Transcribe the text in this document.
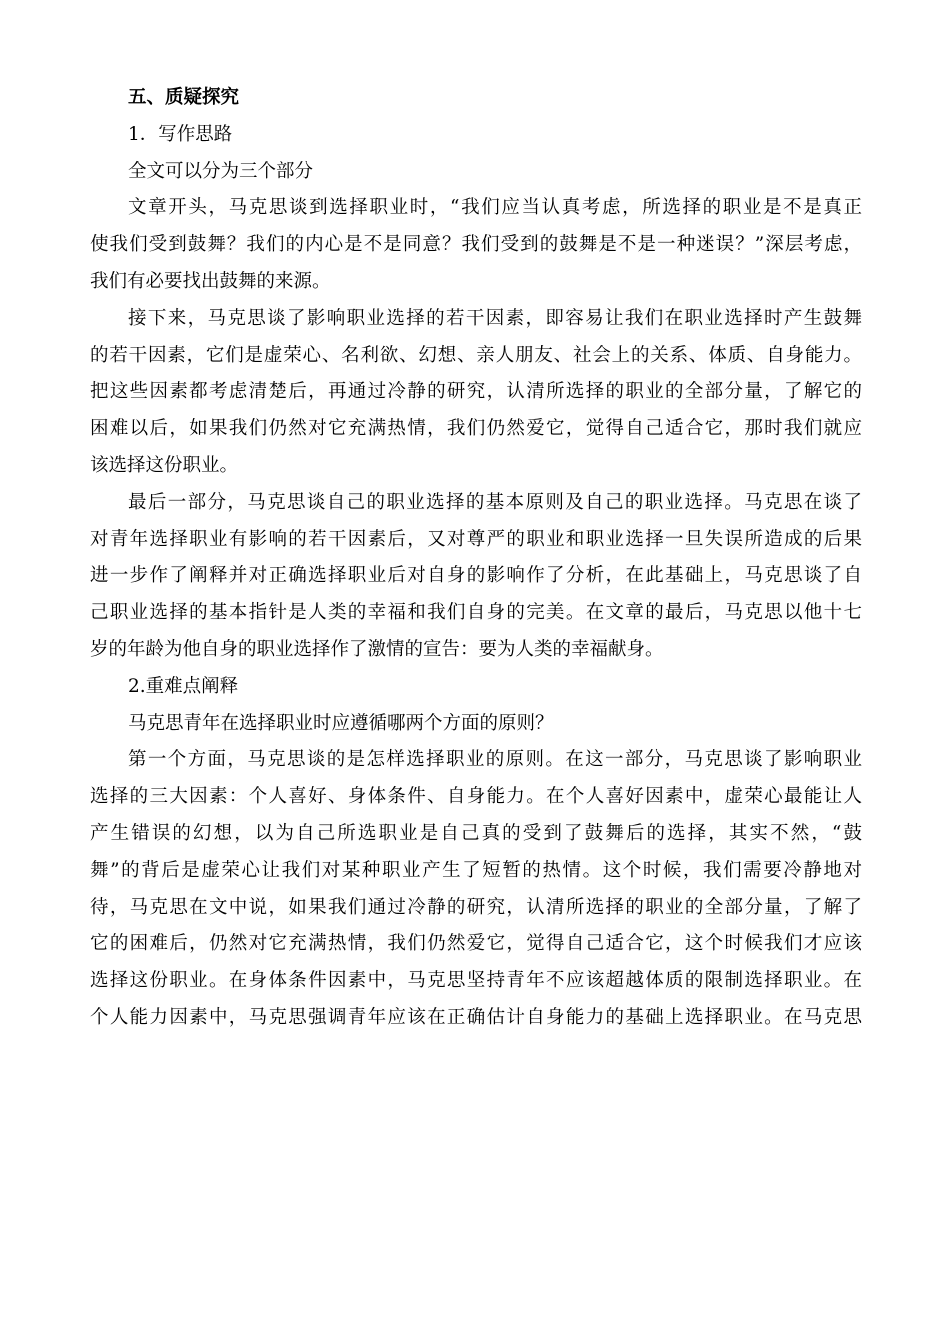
五、质疑探究
1．写作思路
全文可以分为三个部分
文章开头，马克思谈到选择职业时，“我们应当认真考虑，所选择的职业是不是真正
使我们受到鼓舞？我们的内心是不是同意？我们受到的鼓舞是不是一种迷误？”深层考虑，
我们有必要找出鼓舞的来源。
接下来，马克思谈了影响职业选择的若干因素，即容易让我们在职业选择时产生鼓舞
的若干因素，它们是虚荣心、名利欲、幻想、亲人朋友、社会上的关系、体质、自身能力。
把这些因素都考虑清楚后，再通过冷静的研究，认清所选择的职业的全部分量，了解它的
困难以后，如果我们仍然对它充满热情，我们仍然爱它，觉得自己适合它，那时我们就应
该选择这份职业。
最后一部分，马克思谈自己的职业选择的基本原则及自己的职业选择。马克思在谈了
对青年选择职业有影响的若干因素后，又对尊严的职业和职业选择一旦失误所造成的后果
进一步作了阐释并对正确选择职业后对自身的影响作了分析，在此基础上，马克思谈了自
己职业选择的基本指针是人类的幸福和我们自身的完美。在文章的最后，马克思以他十七
岁的年龄为他自身的职业选择作了激情的宣告：要为人类的幸福献身。
2.重难点阐释
马克思青年在选择职业时应遵循哪两个方面的原则？
第一个方面，马克思谈的是怎样选择职业的原则。在这一部分，马克思谈了影响职业
选择的三大因素：个人喜好、身体条件、自身能力。在个人喜好因素中，虚荣心最能让人
产生错误的幻想，以为自己所选职业是自己真的受到了鼓舞后的选择，其实不然，“鼓
舞”的背后是虚荣心让我们对某种职业产生了短暂的热情。这个时候，我们需要冷静地对
待，马克思在文中说，如果我们通过冷静的研究，认清所选择的职业的全部分量，了解了
它的困难后，仍然对它充满热情，我们仍然爱它，觉得自己适合它，这个时候我们才应该
选择这份职业。在身体条件因素中，马克思坚持青年不应该超越体质的限制选择职业。在
个人能力因素中，马克思强调青年应该在正确估计自身能力的基础上选择职业。在马克思
